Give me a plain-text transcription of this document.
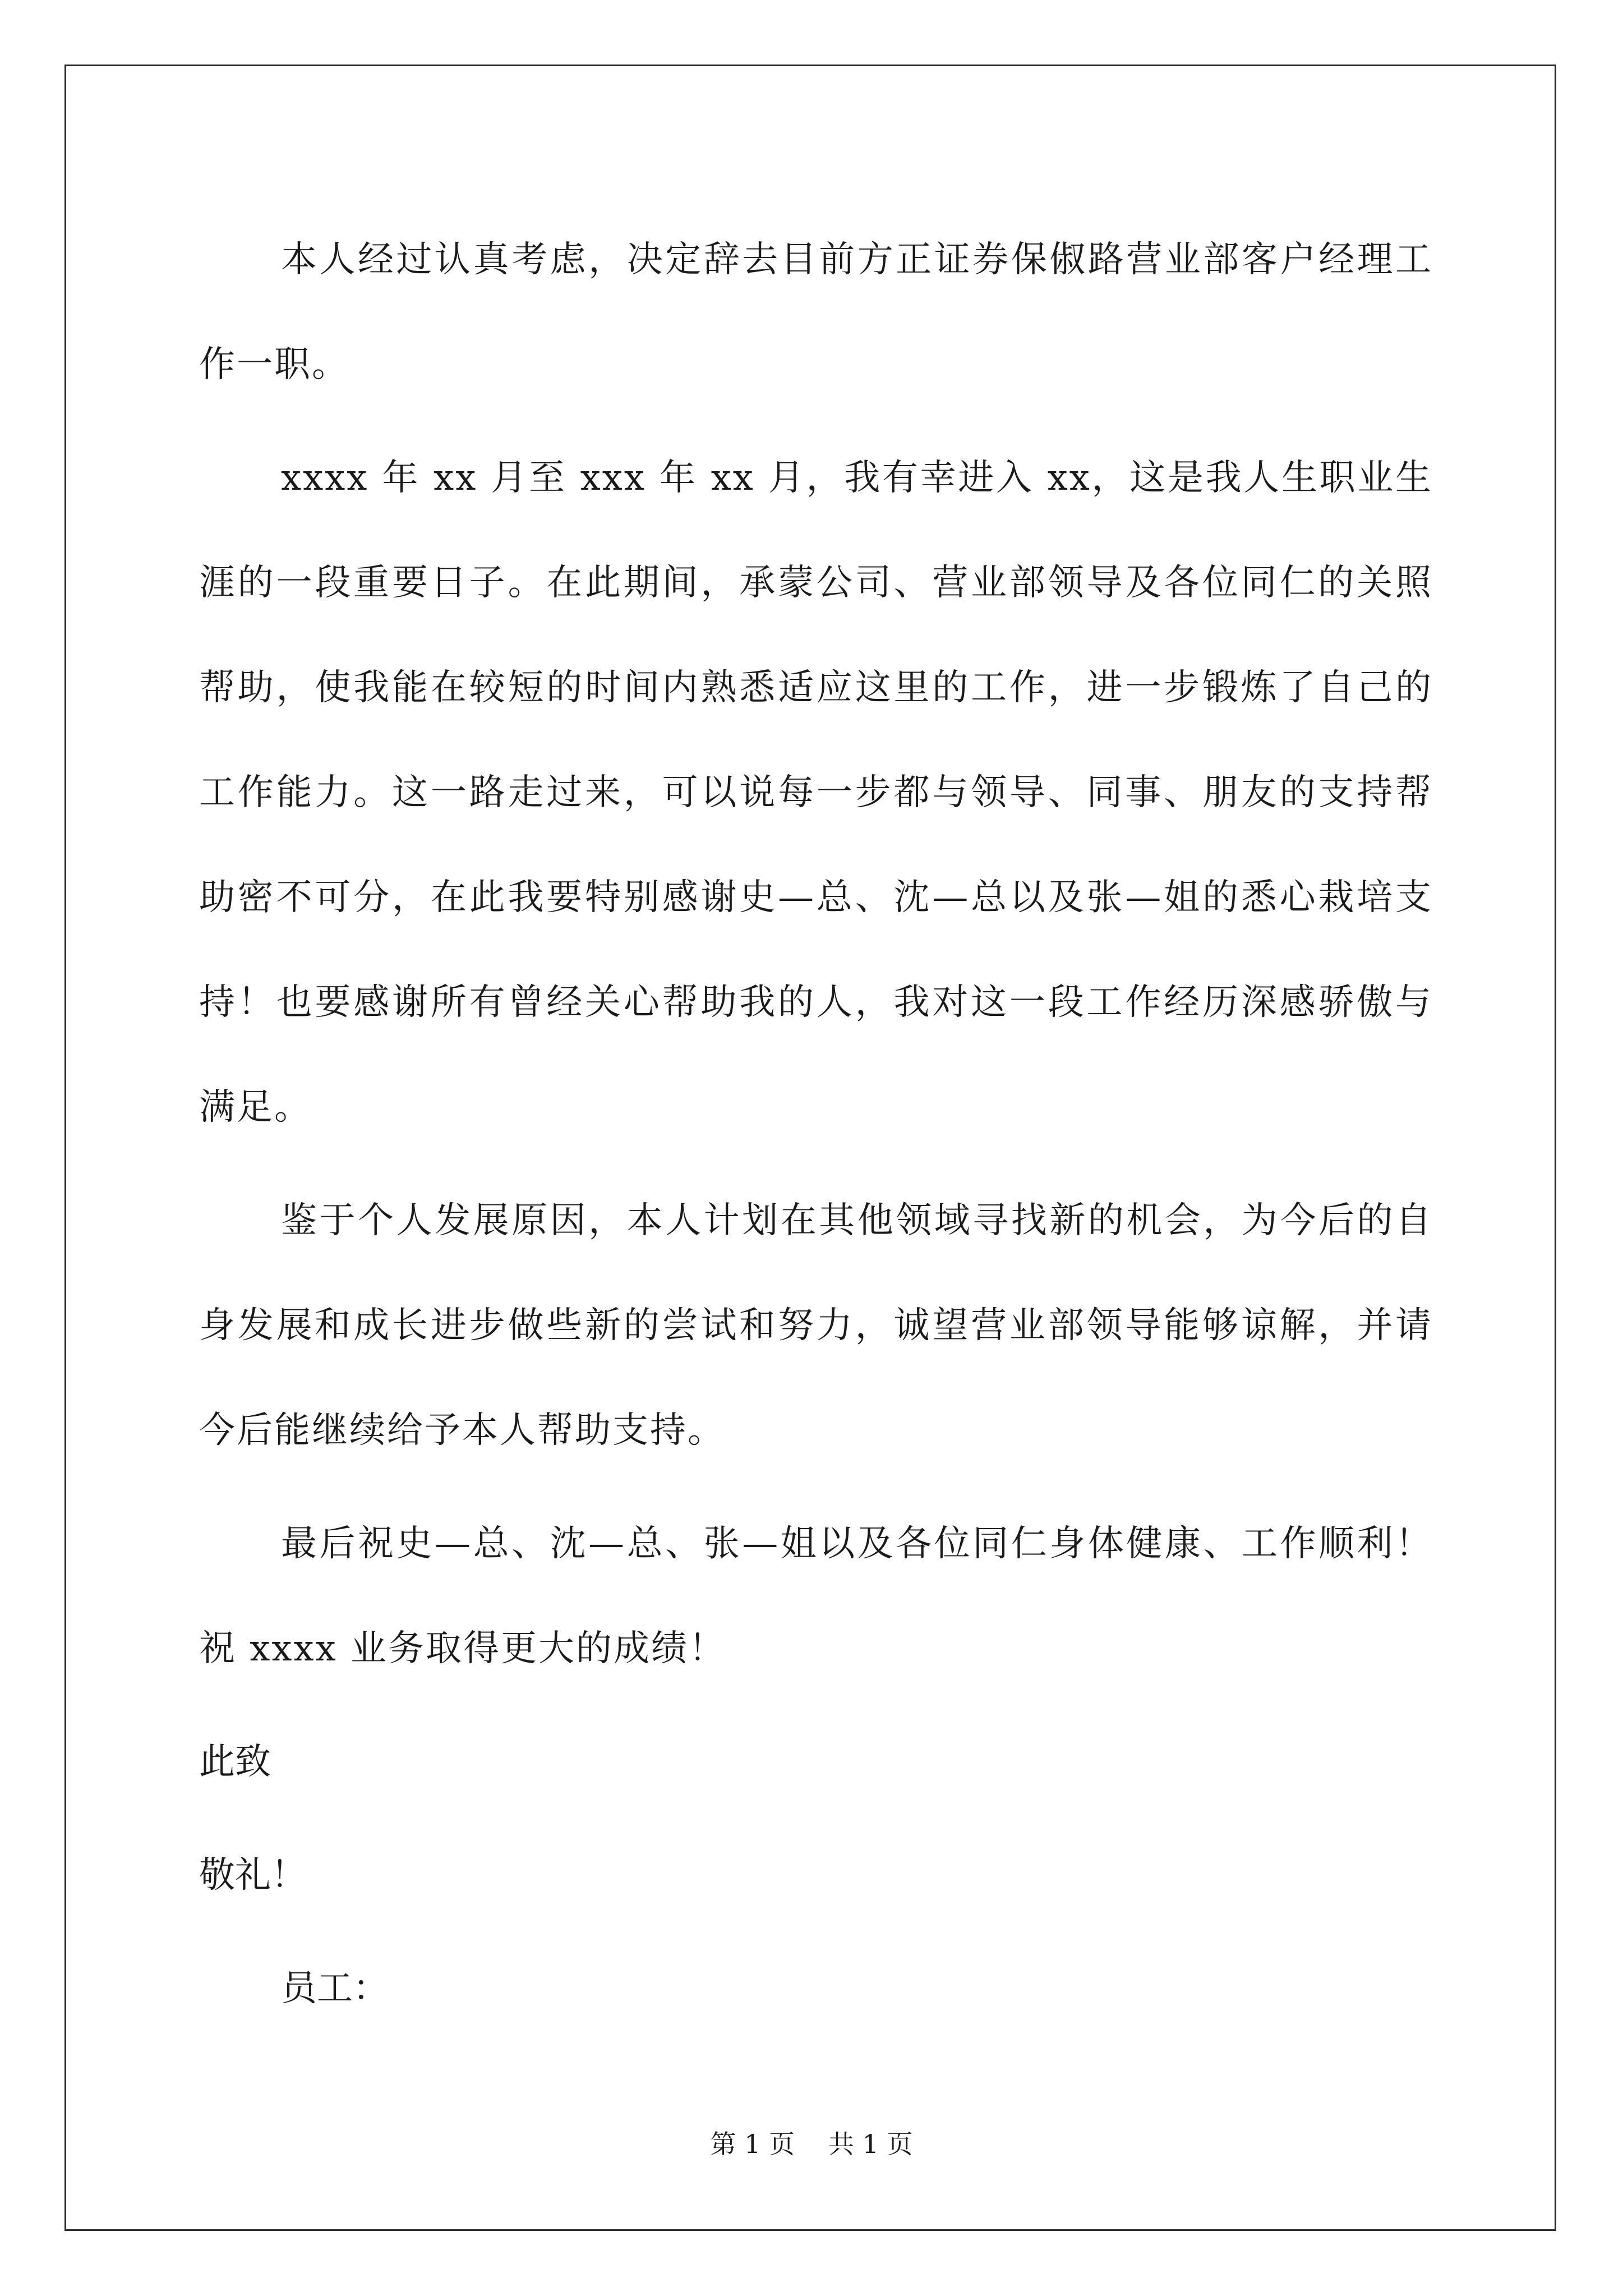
本人经过认真考虑，决定辞去目前方正证券保俶路营业部客户经理工作一职。

xxxx 年 xx 月至 xxx 年 xx 月，我有幸进入 xx，这是我人生职业生涯的一段重要日子。在此期间，承蒙公司、营业部领导及各位同仁的关照帮助，使我能在较短的时间内熟悉适应这里的工作，进一步锻炼了自己的工作能力。这一路走过来，可以说每一步都与领导、同事、朋友的支持帮助密不可分，在此我要特别感谢史—总、沈—总以及张—姐的悉心栽培支持！也要感谢所有曾经关心帮助我的人，我对这一段工作经历深感骄傲与满足。

鉴于个人发展原因，本人计划在其他领域寻找新的机会，为今后的自身发展和成长进步做些新的尝试和努力，诚望营业部领导能够谅解，并请今后能继续给予本人帮助支持。

最后祝史—总、沈—总、张—姐以及各位同仁身体健康、工作顺利！祝 xxxx 业务取得更大的成绩！

此致

敬礼！

员工：

第 1 页 共 1 页
